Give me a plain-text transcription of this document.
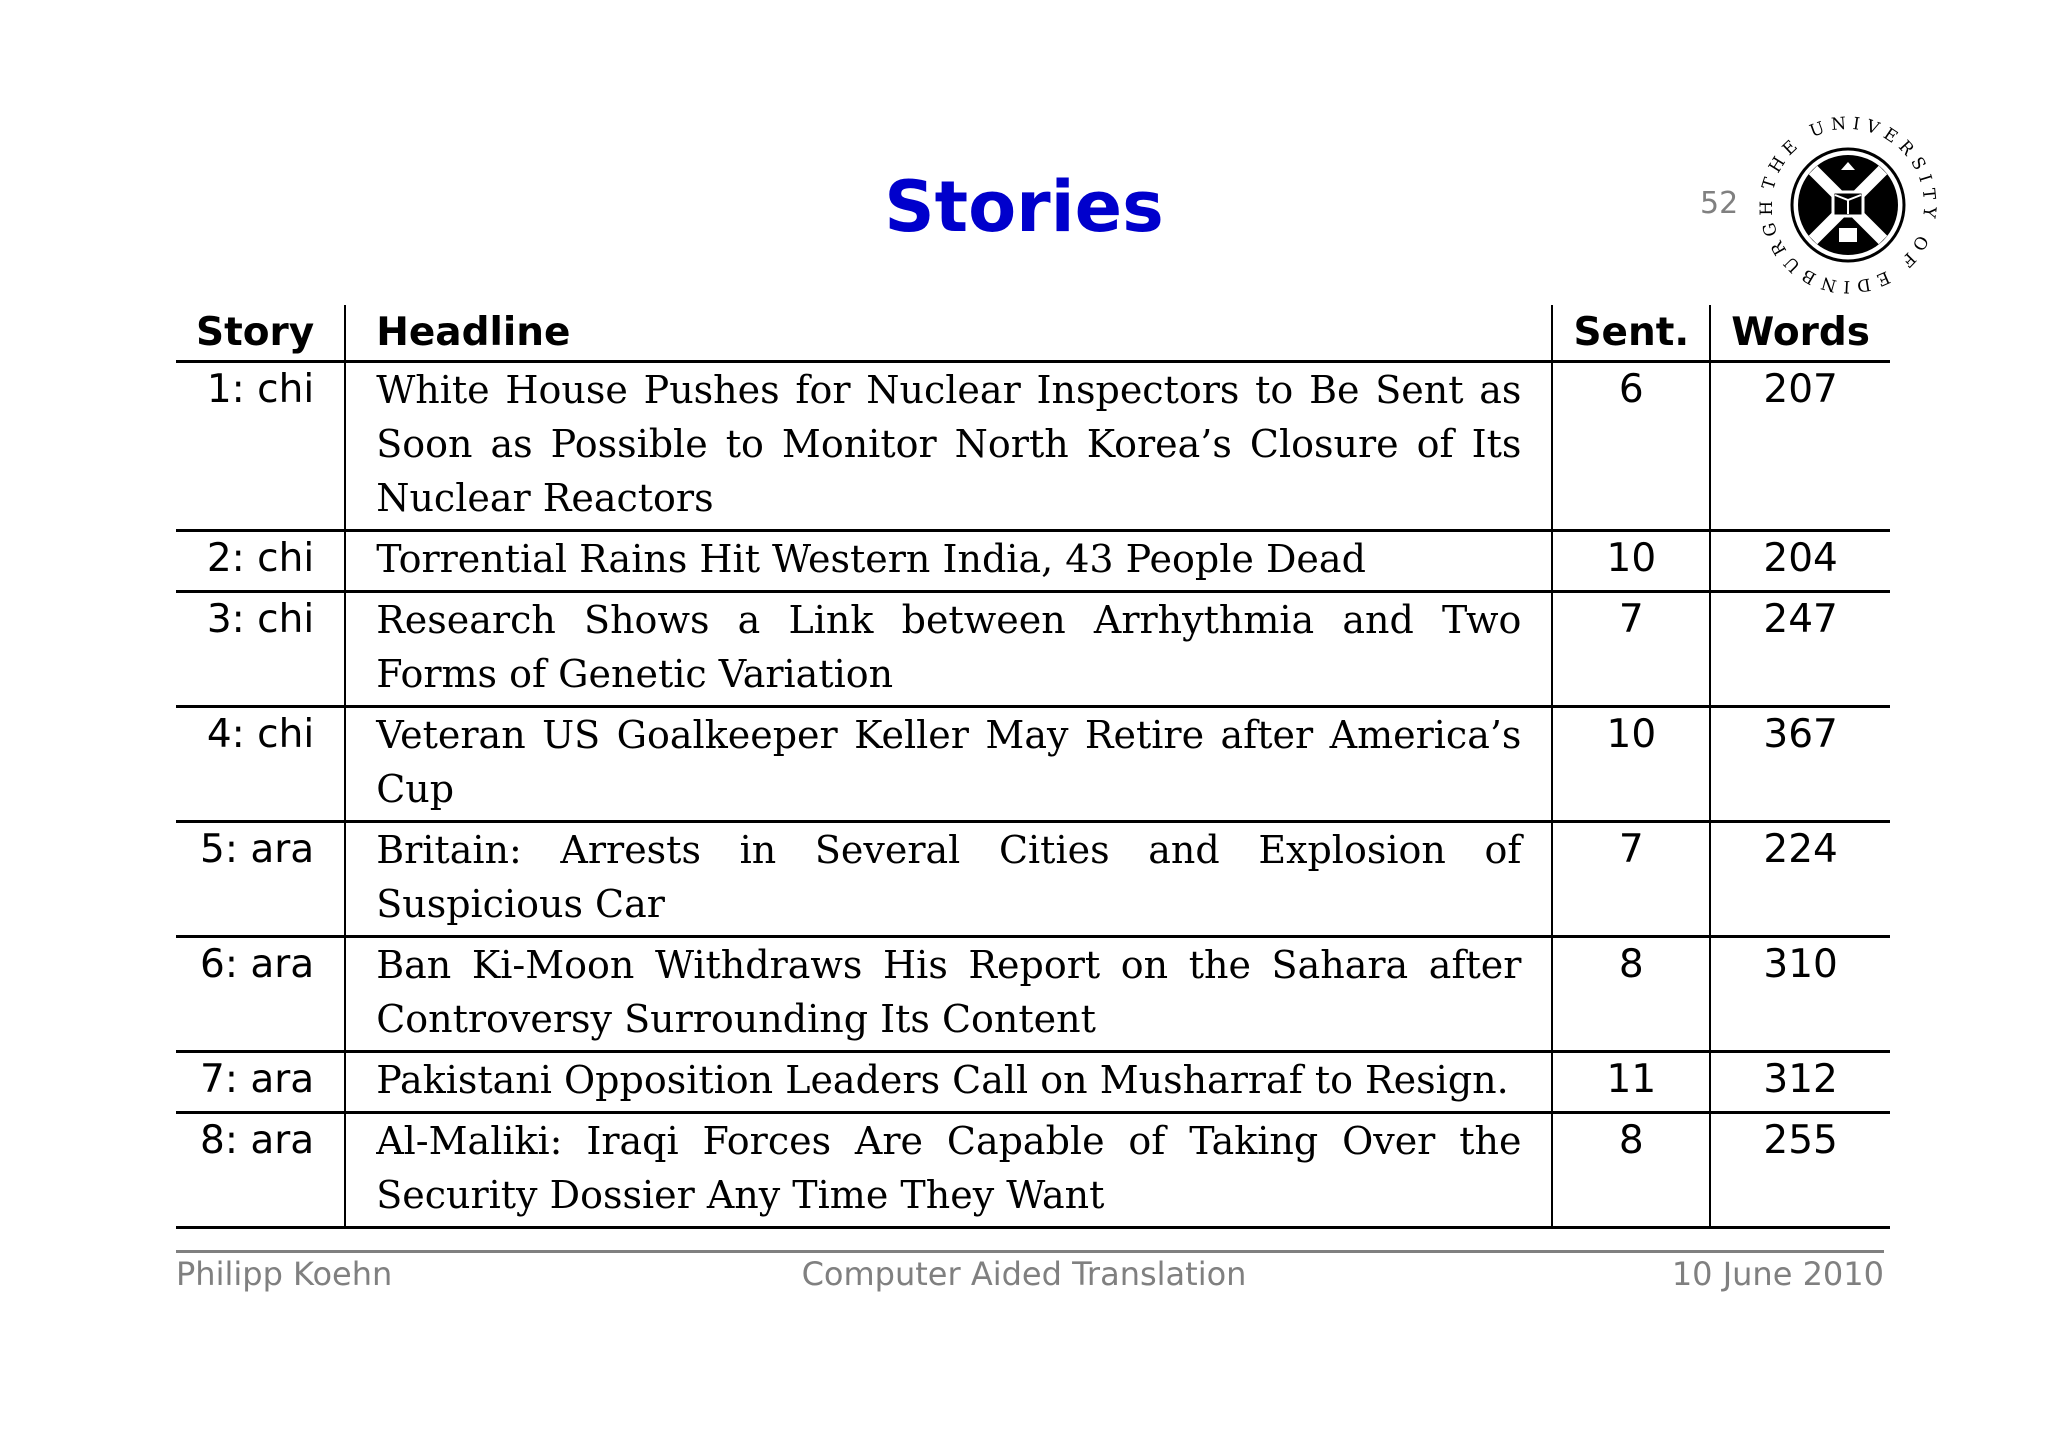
Stories	52
THE UNIVERSITY OF EDINBURGH
Story	Headline	Sent.	Words
1: chi	White House Pushes for Nuclear Inspectors to Be Sent as Soon as Possible to Monitor North Korea’s Closure of Its Nuclear Reactors	6	207
2: chi	Torrential Rains Hit Western India, 43 People Dead	10	204
3: chi	Research Shows a Link between Arrhythmia and Two Forms of Genetic Variation	7	247
4: chi	Veteran US Goalkeeper Keller May Retire after America’s Cup	10	367
5: ara	Britain: Arrests in Several Cities and Explosion of Suspicious Car	7	224
6: ara	Ban Ki-Moon Withdraws His Report on the Sahara after Controversy Surrounding Its Content	8	310
7: ara	Pakistani Opposition Leaders Call on Musharraf to Resign.	11	312
8: ara	Al-Maliki: Iraqi Forces Are Capable of Taking Over the Security Dossier Any Time They Want	8	255
Philipp Koehn	Computer Aided Translation	10 June 2010
